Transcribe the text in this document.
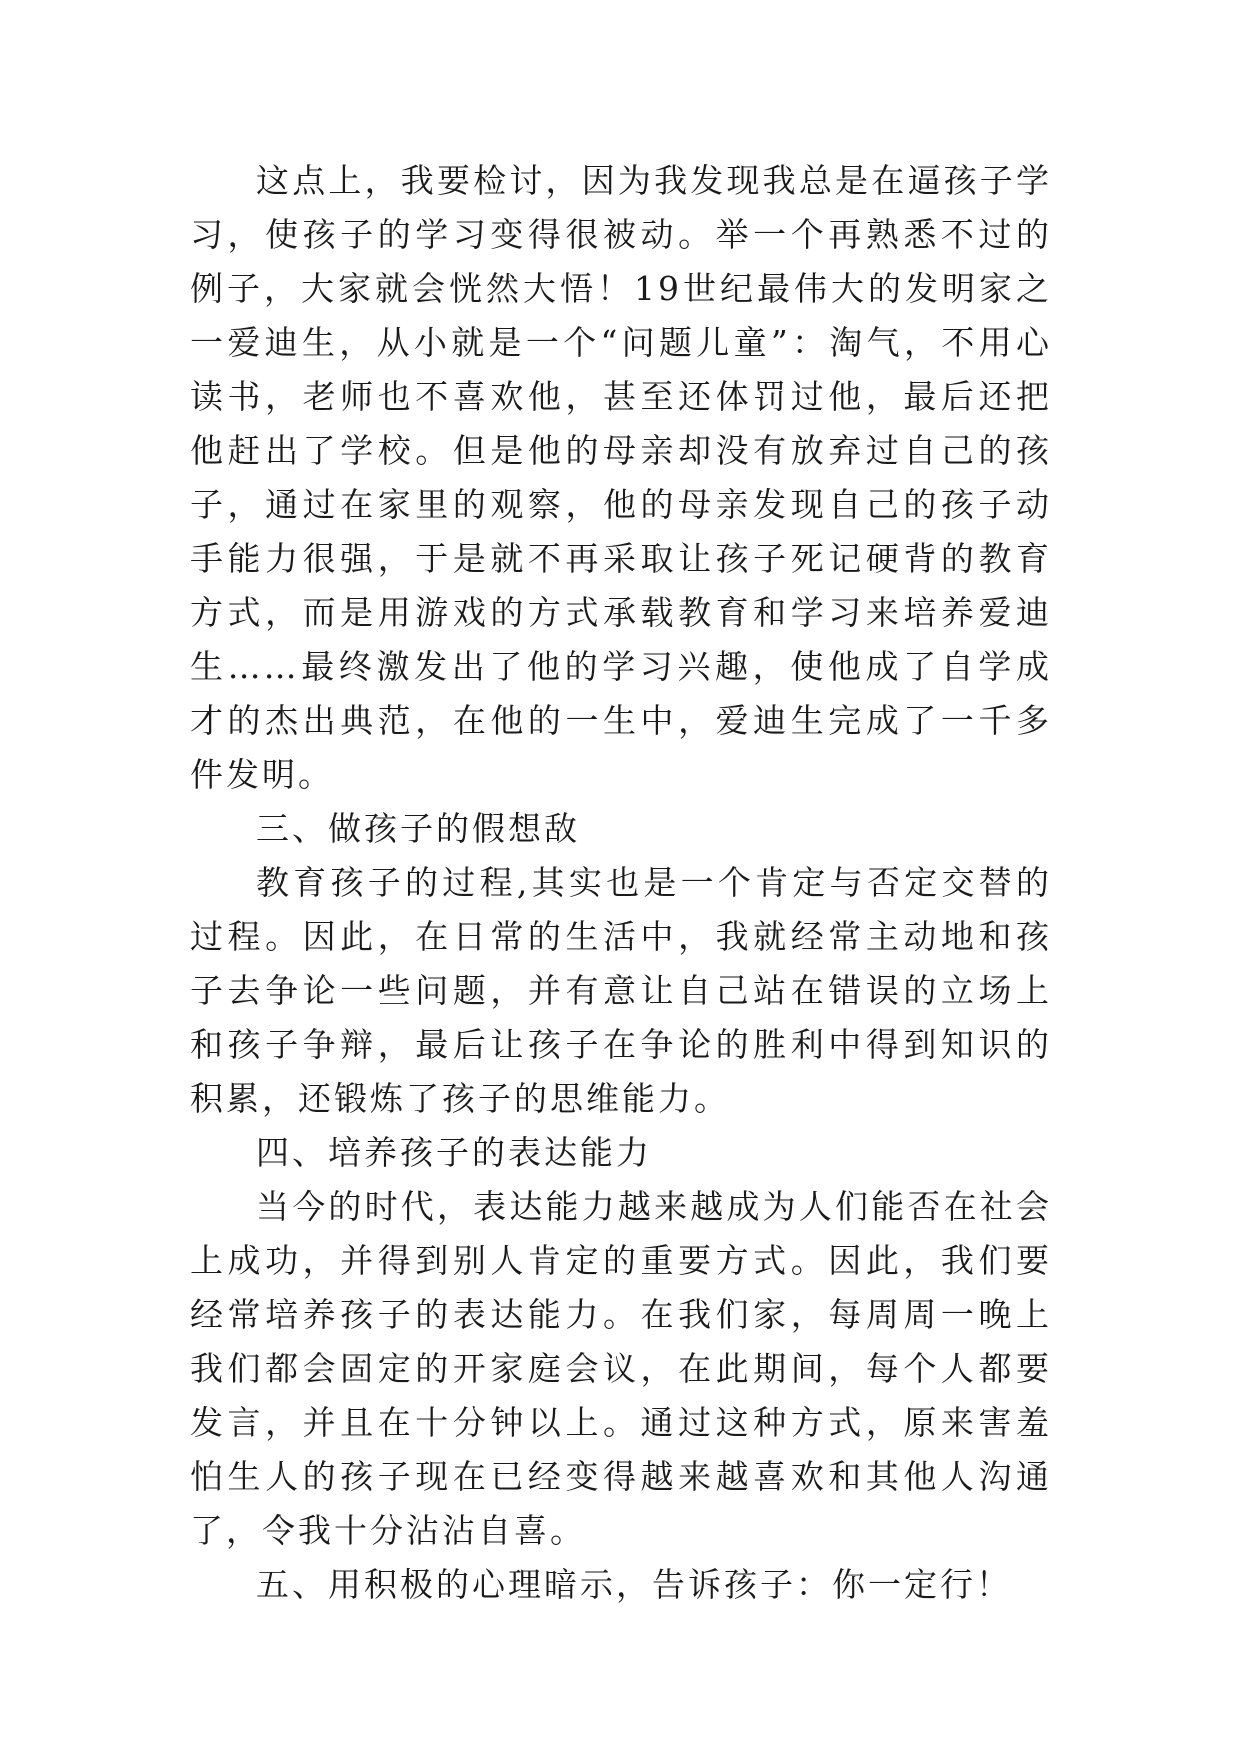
这点上，我要检讨，因为我发现我总是在逼孩子学习，使孩子的学习变得很被动。举一个再熟悉不过的例子，大家就会恍然大悟！19世纪最伟大的发明家之一爱迪生，从小就是一个“问题儿童”：淘气，不用心读书，老师也不喜欢他，甚至还体罚过他，最后还把他赶出了学校。但是他的母亲却没有放弃过自己的孩子，通过在家里的观察，他的母亲发现自己的孩子动手能力很强，于是就不再采取让孩子死记硬背的教育方式，而是用游戏的方式承载教育和学习来培养爱迪生……最终激发出了他的学习兴趣，使他成了自学成才的杰出典范，在他的一生中，爱迪生完成了一千多件发明。

三、做孩子的假想敌

教育孩子的过程,其实也是一个肯定与否定交替的过程。因此，在日常的生活中，我就经常主动地和孩子去争论一些问题，并有意让自己站在错误的立场上和孩子争辩，最后让孩子在争论的胜利中得到知识的积累，还锻炼了孩子的思维能力。

四、培养孩子的表达能力

当今的时代，表达能力越来越成为人们能否在社会上成功，并得到别人肯定的重要方式。因此，我们要经常培养孩子的表达能力。在我们家，每周周一晚上我们都会固定的开家庭会议，在此期间，每个人都要发言，并且在十分钟以上。通过这种方式，原来害羞怕生人的孩子现在已经变得越来越喜欢和其他人沟通了，令我十分沾沾自喜。

五、用积极的心理暗示，告诉孩子：你一定行！
